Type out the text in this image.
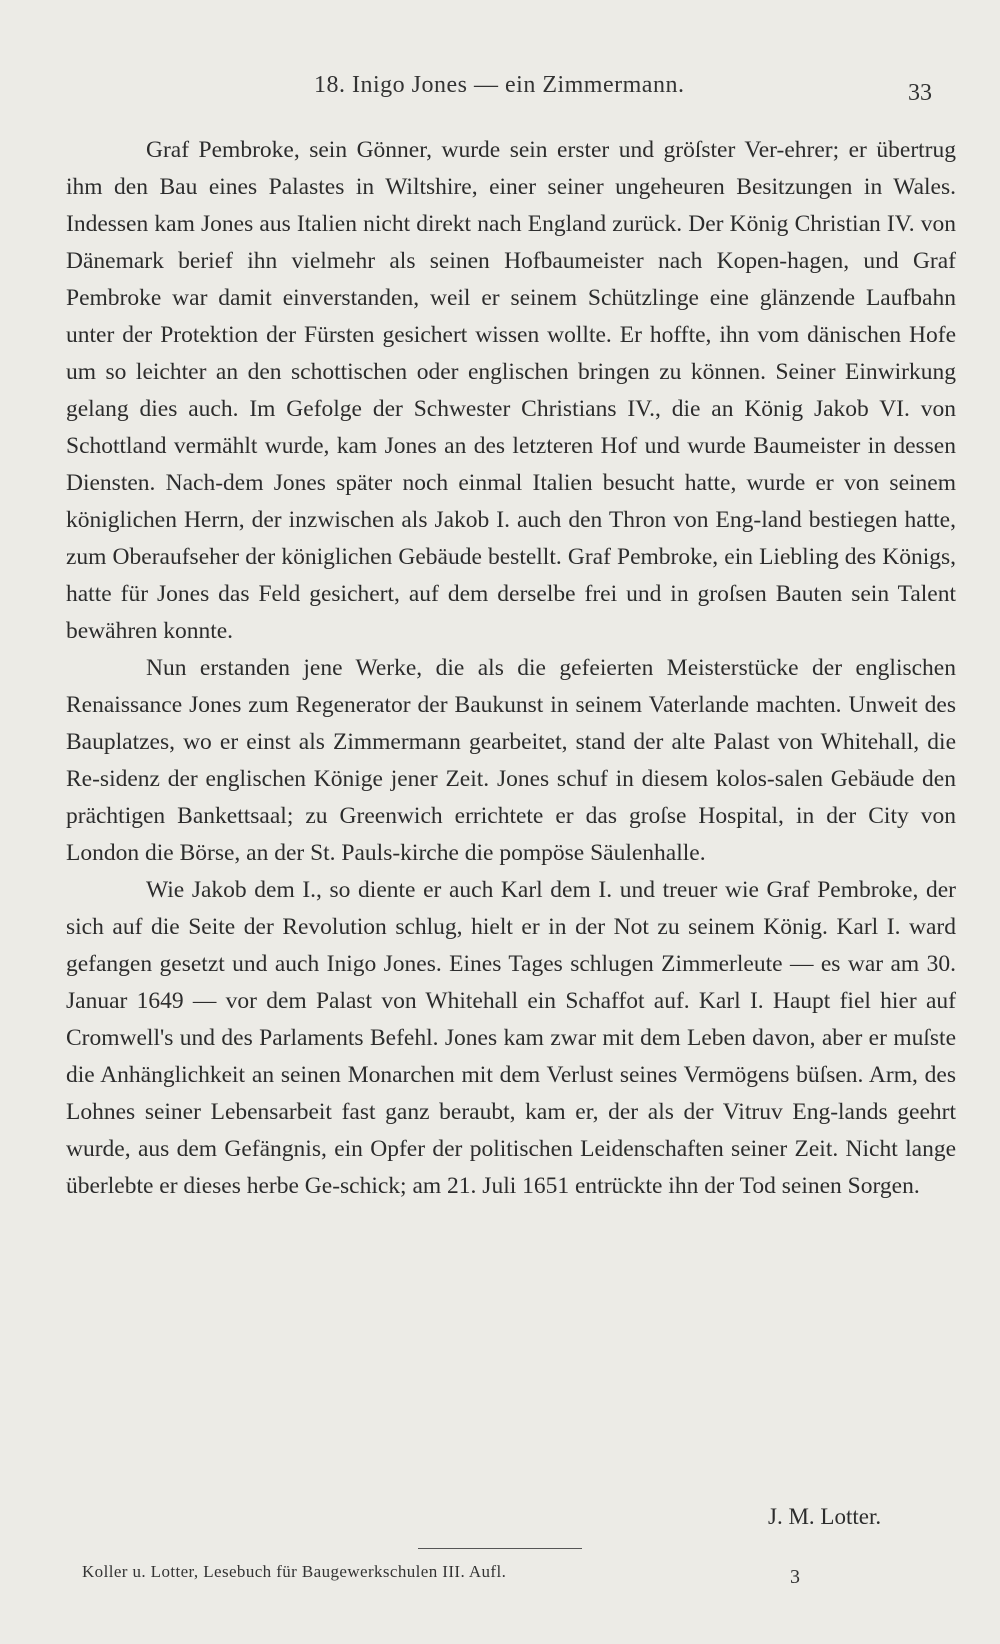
18. Inigo Jones — ein Zimmermann.	33

Graf Pembroke, sein Gönner, wurde sein erster und gröſster Ver-ehrer; er übertrug ihm den Bau eines Palastes in Wiltshire, einer seiner ungeheuren Besitzungen in Wales. Indessen kam Jones aus Italien nicht direkt nach England zurück. Der König Christian IV. von Dänemark berief ihn vielmehr als seinen Hofbaumeister nach Kopen-hagen, und Graf Pembroke war damit einverstanden, weil er seinem Schützlinge eine glänzende Laufbahn unter der Protektion der Fürsten gesichert wissen wollte. Er hoffte, ihn vom dänischen Hofe um so leichter an den schottischen oder englischen bringen zu können. Seiner Einwirkung gelang dies auch. Im Gefolge der Schwester Christians IV., die an König Jakob VI. von Schottland vermählt wurde, kam Jones an des letzteren Hof und wurde Baumeister in dessen Diensten. Nach-dem Jones später noch einmal Italien besucht hatte, wurde er von seinem königlichen Herrn, der inzwischen als Jakob I. auch den Thron von Eng-land bestiegen hatte, zum Oberaufseher der königlichen Gebäude bestellt. Graf Pembroke, ein Liebling des Königs, hatte für Jones das Feld gesichert, auf dem derselbe frei und in groſsen Bauten sein Talent bewähren konnte.

Nun erstanden jene Werke, die als die gefeierten Meisterstücke der englischen Renaissance Jones zum Regenerator der Baukunst in seinem Vaterlande machten. Unweit des Bauplatzes, wo er einst als Zimmermann gearbeitet, stand der alte Palast von Whitehall, die Re-sidenz der englischen Könige jener Zeit. Jones schuf in diesem kolos-salen Gebäude den prächtigen Bankettsaal; zu Greenwich errichtete er das groſse Hospital, in der City von London die Börse, an der St. Pauls-kirche die pompöse Säulenhalle.

Wie Jakob dem I., so diente er auch Karl dem I. und treuer wie Graf Pembroke, der sich auf die Seite der Revolution schlug, hielt er in der Not zu seinem König. Karl I. ward gefangen gesetzt und auch Inigo Jones. Eines Tages schlugen Zimmerleute — es war am 30. Januar 1649 — vor dem Palast von Whitehall ein Schaffot auf. Karl I. Haupt fiel hier auf Cromwell's und des Parlaments Befehl. Jones kam zwar mit dem Leben davon, aber er muſste die Anhänglichkeit an seinen Monarchen mit dem Verlust seines Vermögens büſsen. Arm, des Lohnes seiner Lebensarbeit fast ganz beraubt, kam er, der als der Vitruv Eng-lands geehrt wurde, aus dem Gefängnis, ein Opfer der politischen Leidenschaften seiner Zeit. Nicht lange überlebte er dieses herbe Ge-schick; am 21. Juli 1651 entrückte ihn der Tod seinen Sorgen.

J. M. Lotter.
Koller u. Lotter, Lesebuch für Baugewerkschulen III. Aufl.	3
